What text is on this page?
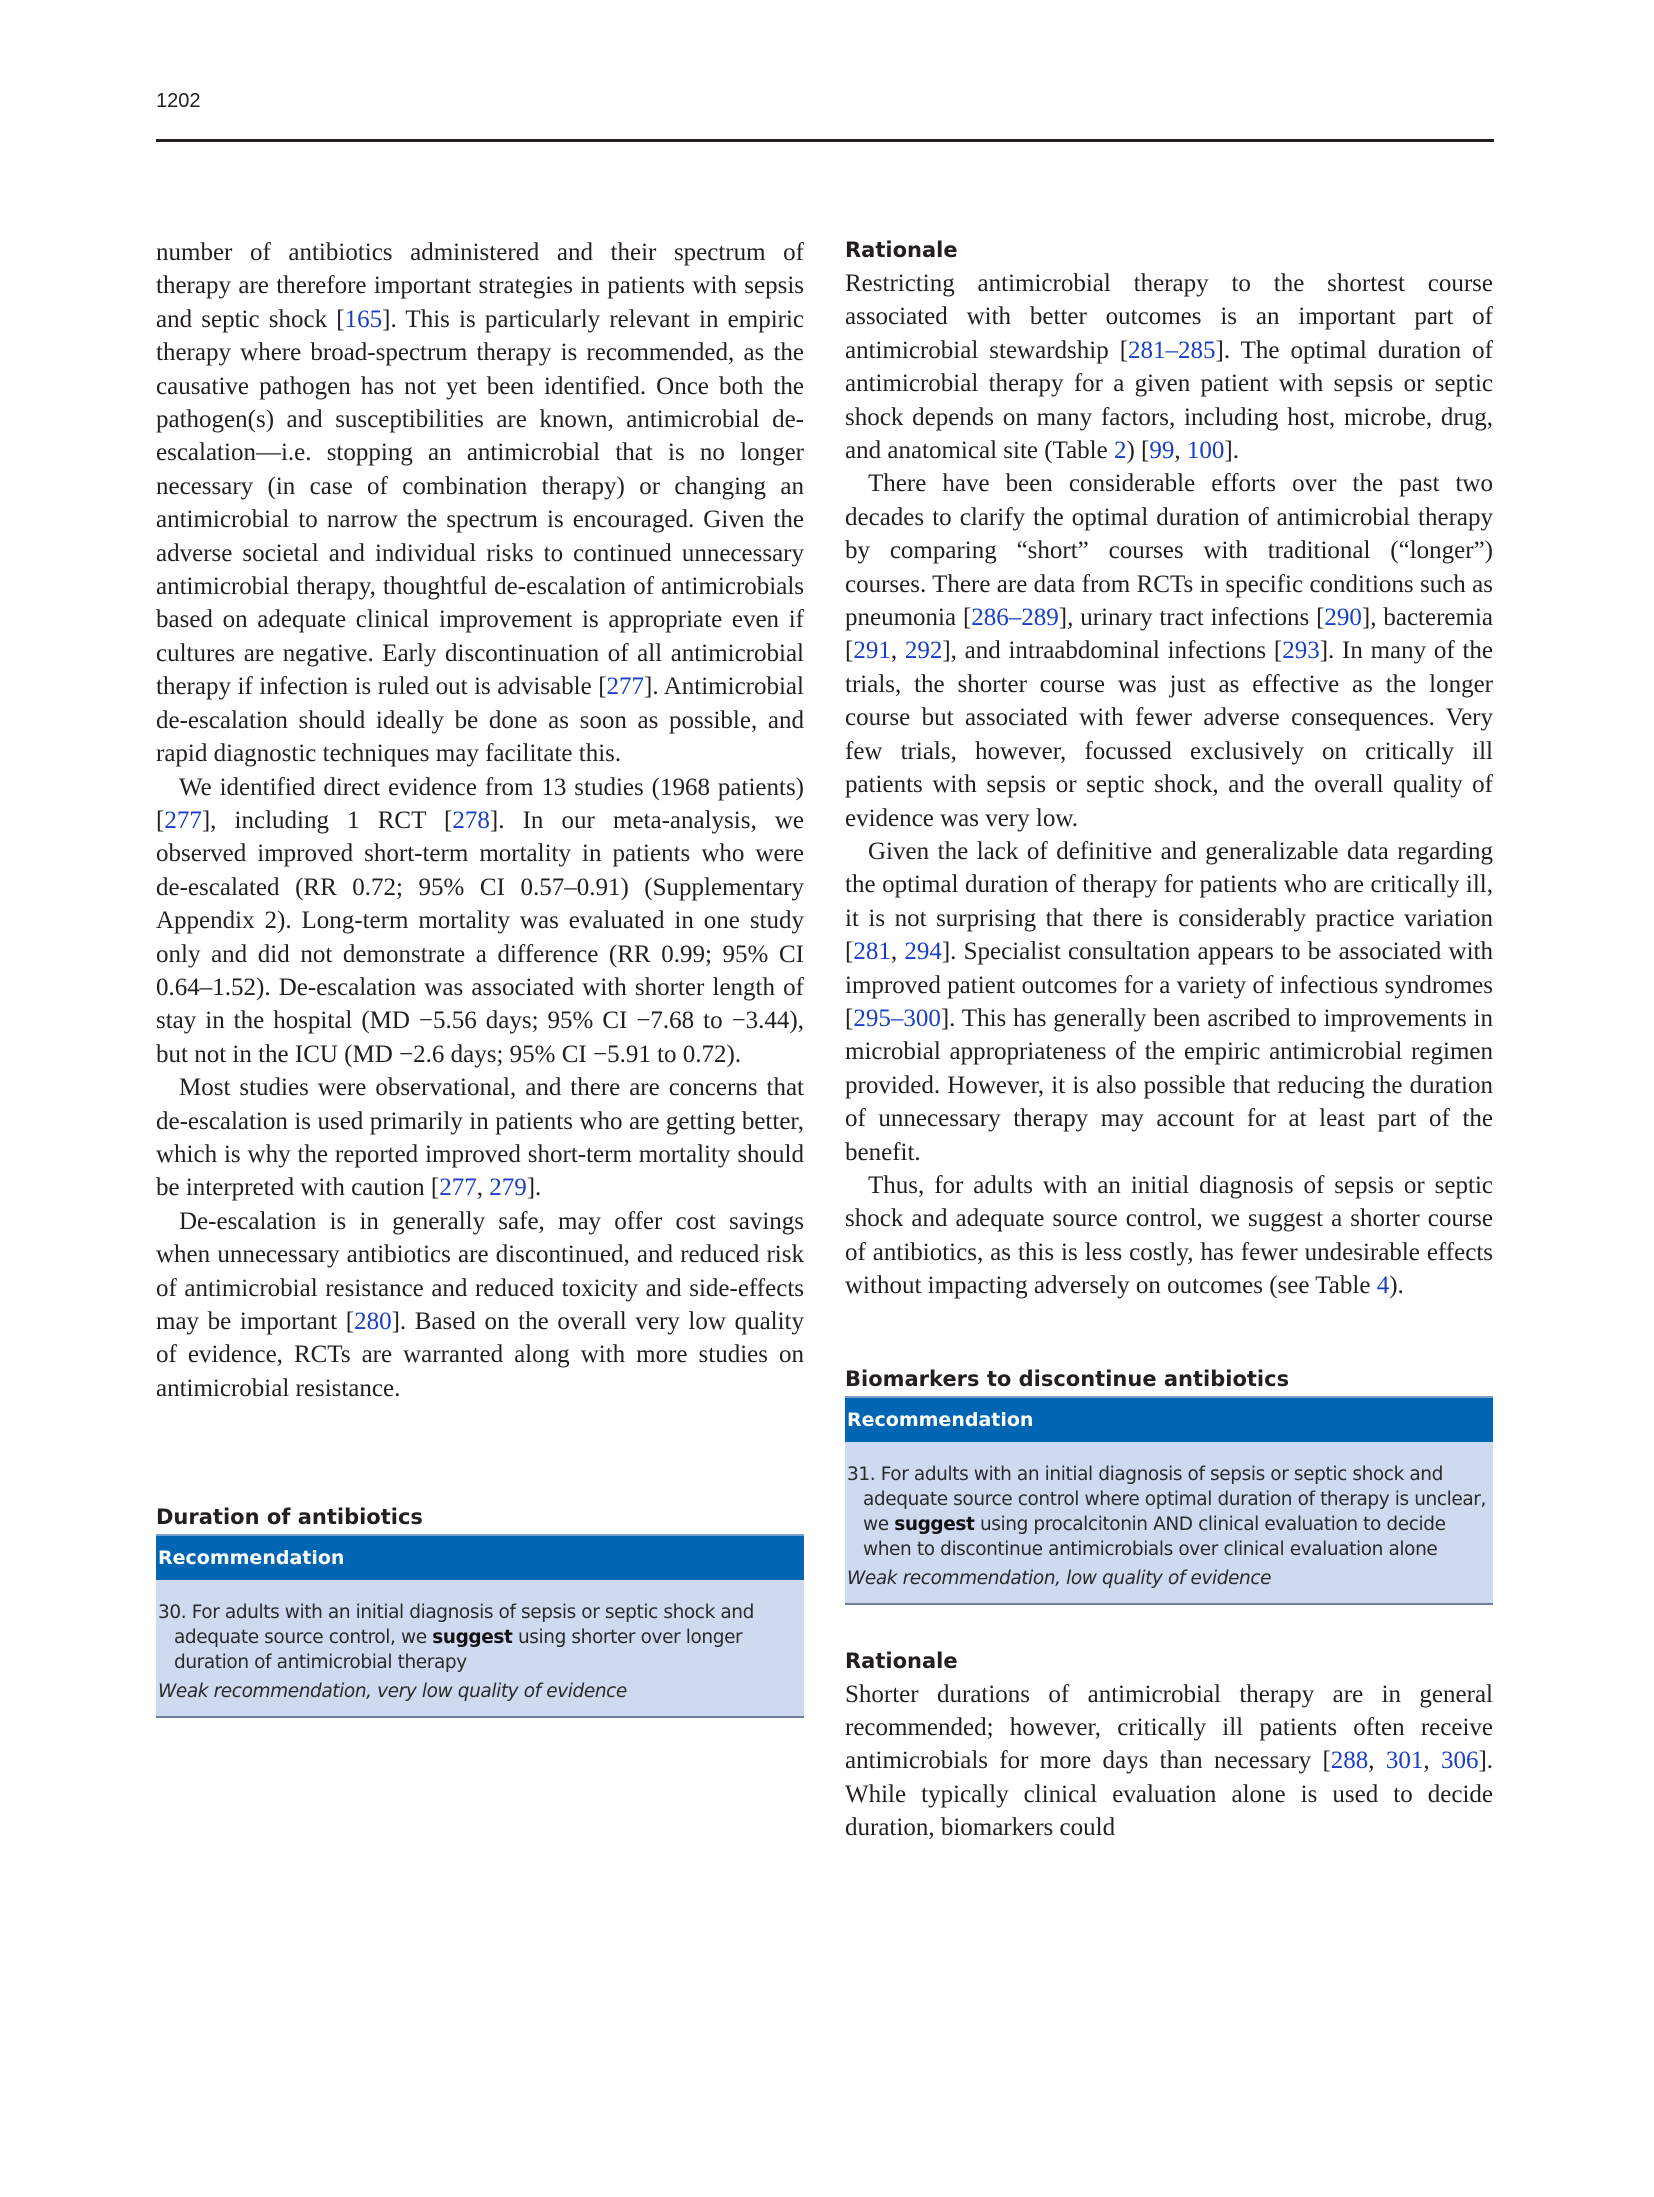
1202

number of antibiotics administered and their spectrum of therapy are therefore important strategies in patients with sepsis and septic shock [165]. This is particularly relevant in empiric therapy where broad-spectrum therapy is recommended, as the causative pathogen has not yet been identified. Once both the pathogen(s) and susceptibilities are known, antimicrobial de-escalation—i.e. stopping an antimicrobial that is no longer necessary (in case of combination therapy) or changing an antimicrobial to narrow the spectrum is encouraged. Given the adverse societal and individual risks to continued unnecessary antimicrobial therapy, thoughtful de-escalation of antimicrobials based on adequate clinical improvement is appropriate even if cultures are negative. Early discontinuation of all antimicrobial therapy if infection is ruled out is advisable [277]. Antimicrobial de-escalation should ideally be done as soon as possible, and rapid diagnostic techniques may facilitate this.

We identified direct evidence from 13 studies (1968 patients) [277], including 1 RCT [278]. In our meta-analysis, we observed improved short-term mortality in patients who were de-escalated (RR 0.72; 95% CI 0.57–0.91) (Supplementary Appendix 2). Long-term mortality was evaluated in one study only and did not demonstrate a difference (RR 0.99; 95% CI 0.64–1.52). De-escalation was associated with shorter length of stay in the hospital (MD −5.56 days; 95% CI −7.68 to −3.44), but not in the ICU (MD −2.6 days; 95% CI −5.91 to 0.72).

Most studies were observational, and there are concerns that de-escalation is used primarily in patients who are getting better, which is why the reported improved short-term mortality should be interpreted with caution [277, 279].

De-escalation is in generally safe, may offer cost savings when unnecessary antibiotics are discontinued, and reduced risk of antimicrobial resistance and reduced toxicity and side-effects may be important [280]. Based on the overall very low quality of evidence, RCTs are warranted along with more studies on antimicrobial resistance.

Duration of antibiotics
Recommendation
30. For adults with an initial diagnosis of sepsis or septic shock and adequate source control, we suggest using shorter over longer duration of antimicrobial therapy
Weak recommendation, very low quality of evidence
Rationale

Restricting antimicrobial therapy to the shortest course associated with better outcomes is an important part of antimicrobial stewardship [281–285]. The optimal duration of antimicrobial therapy for a given patient with sepsis or septic shock depends on many factors, including host, microbe, drug, and anatomical site (Table 2) [99, 100].

There have been considerable efforts over the past two decades to clarify the optimal duration of antimicrobial therapy by comparing “short” courses with traditional (“longer”) courses. There are data from RCTs in specific conditions such as pneumonia [286–289], urinary tract infections [290], bacteremia [291, 292], and intraabdominal infections [293]. In many of the trials, the shorter course was just as effective as the longer course but associated with fewer adverse consequences. Very few trials, however, focussed exclusively on critically ill patients with sepsis or septic shock, and the overall quality of evidence was very low.

Given the lack of definitive and generalizable data regarding the optimal duration of therapy for patients who are critically ill, it is not surprising that there is considerably practice variation [281, 294]. Specialist consultation appears to be associated with improved patient outcomes for a variety of infectious syndromes [295–300]. This has generally been ascribed to improvements in microbial appropriateness of the empiric antimicrobial regimen provided. However, it is also possible that reducing the duration of unnecessary therapy may account for at least part of the benefit.

Thus, for adults with an initial diagnosis of sepsis or septic shock and adequate source control, we suggest a shorter course of antibiotics, as this is less costly, has fewer undesirable effects without impacting adversely on outcomes (see Table 4).

Biomarkers to discontinue antibiotics
Recommendation
31. For adults with an initial diagnosis of sepsis or septic shock and adequate source control where optimal duration of therapy is unclear, we suggest using procalcitonin AND clinical evaluation to decide when to discontinue antimicrobials over clinical evaluation alone
Weak recommendation, low quality of evidence
Rationale

Shorter durations of antimicrobial therapy are in general recommended; however, critically ill patients often receive antimicrobials for more days than necessary [288, 301, 306]. While typically clinical evaluation alone is used to decide duration, biomarkers could
